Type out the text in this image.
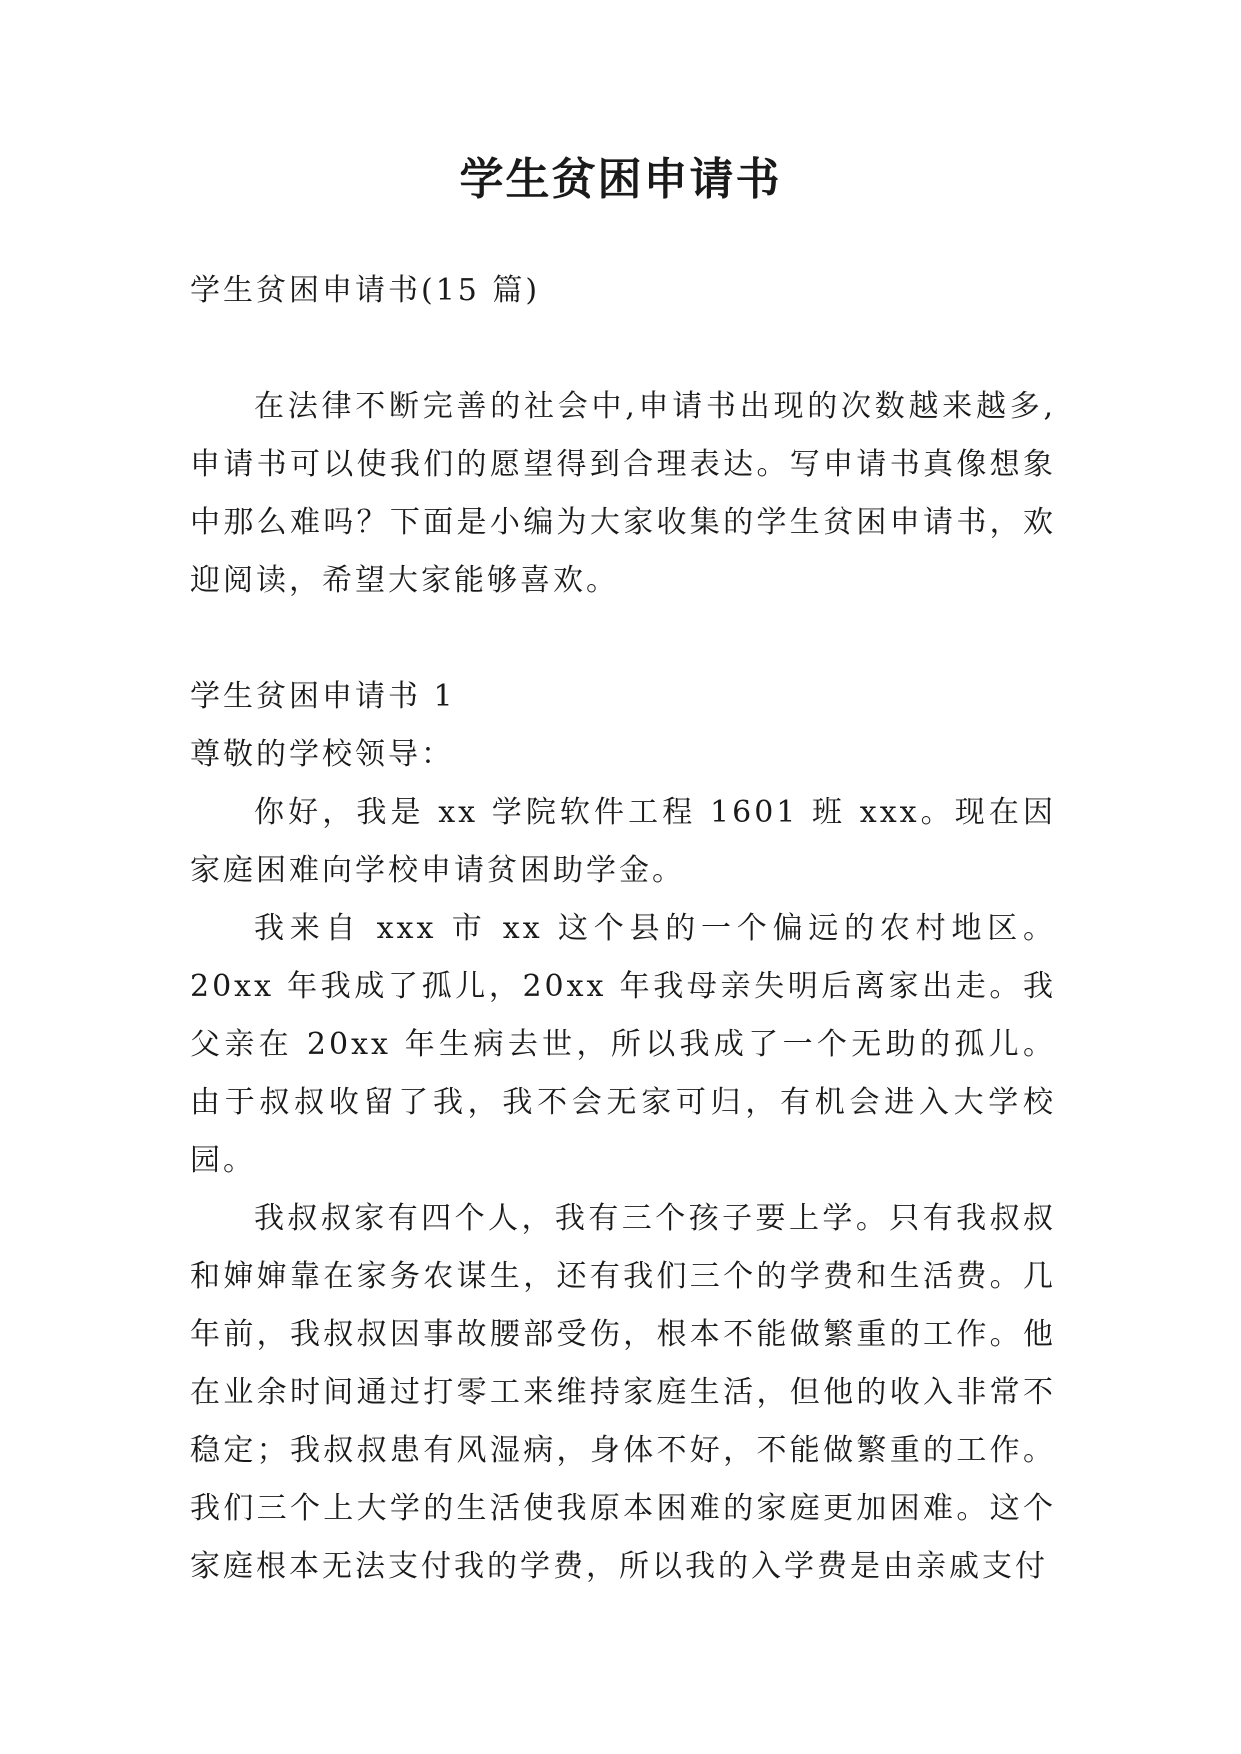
学生贫困申请书

学生贫困申请书(15 篇)

在法律不断完善的社会中,申请书出现的次数越来越多,申请书可以使我们的愿望得到合理表达。写申请书真像想象中那么难吗？下面是小编为大家收集的学生贫困申请书，欢迎阅读，希望大家能够喜欢。

学生贫困申请书 1

尊敬的学校领导：

你好，我是 xx 学院软件工程 1601 班 xxx。现在因家庭困难向学校申请贫困助学金。

我来自 xxx 市 xx 这个县的一个偏远的农村地区。20xx 年我成了孤儿，20xx 年我母亲失明后离家出走。我父亲在 20xx 年生病去世，所以我成了一个无助的孤儿。由于叔叔收留了我，我不会无家可归，有机会进入大学校园。

我叔叔家有四个人，我有三个孩子要上学。只有我叔叔和婶婶靠在家务农谋生，还有我们三个的学费和生活费。几年前，我叔叔因事故腰部受伤，根本不能做繁重的工作。他在业余时间通过打零工来维持家庭生活，但他的收入非常不稳定；我叔叔患有风湿病，身体不好，不能做繁重的工作。我们三个上大学的生活使我原本困难的家庭更加困难。这个家庭根本无法支付我的学费，所以我的入学费是由亲戚支付
